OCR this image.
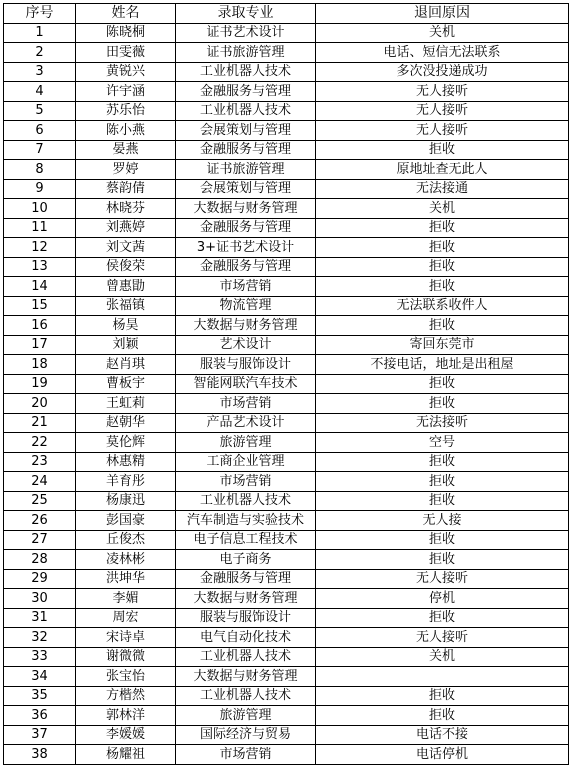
序号	姓名	录取专业	退回原因
1	陈晓桐	证书艺术设计	关机
2	田雯薇	证书旅游管理	电话、短信无法联系
3	黄锐兴	工业机器人技术	多次没投递成功
4	许宇涵	金融服务与管理	无人接听
5	苏乐怡	工业机器人技术	无人接听
6	陈小燕	会展策划与管理	无人接听
7	晏燕	金融服务与管理	拒收
8	罗婷	证书旅游管理	原地址查无此人
9	蔡韵倩	会展策划与管理	无法接通
10	林晓芬	大数据与财务管理	关机
11	刘燕婷	金融服务与管理	拒收
12	刘文茜	3+证书艺术设计	拒收
13	侯俊荣	金融服务与管理	拒收
14	曾惠勖	市场营销	拒收
15	张福镇	物流管理	无法联系收件人
16	杨昊	大数据与财务管理	拒收
17	刘颖	艺术设计	寄回东莞市
18	赵肖琪	服装与服饰设计	不接电话，地址是出租屋
19	曹板宇	智能网联汽车技术	拒收
20	王虹莉	市场营销	拒收
21	赵朝华	产品艺术设计	无法接听
22	莫伦辉	旅游管理	空号
23	林惠精	工商企业管理	拒收
24	羊育彤	市场营销	拒收
25	杨康迅	工业机器人技术	拒收
26	彭国豪	汽车制造与实验技术	无人接
27	丘俊杰	电子信息工程技术	拒收
28	凌林彬	电子商务	拒收
29	洪坤华	金融服务与管理	无人接听
30	李媚	大数据与财务管理	停机
31	周宏	服装与服饰设计	拒收
32	宋诗卓	电气自动化技术	无人接听
33	谢微微	工业机器人技术	关机
34	张宝怡	大数据与财务管理	
35	方楷然	工业机器人技术	拒收
36	郭林洋	旅游管理	拒收
37	李媛媛	国际经济与贸易	电话不接
38	杨耀祖	市场营销	电话停机
